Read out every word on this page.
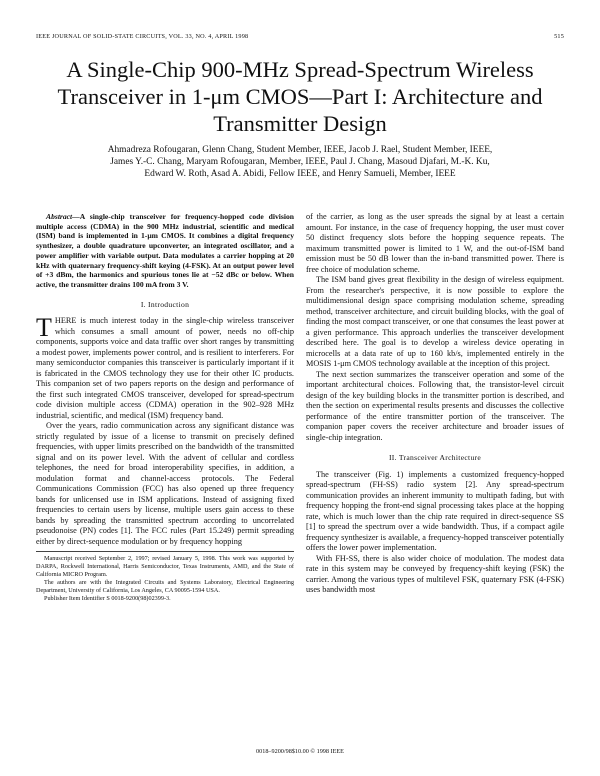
IEEE JOURNAL OF SOLID-STATE CIRCUITS, VOL. 33, NO. 4, APRIL 1998	515
A Single-Chip 900-MHz Spread-Spectrum Wireless Transceiver in 1-μm CMOS—Part I: Architecture and Transmitter Design
Ahmadreza Rofougaran, Glenn Chang, Student Member, IEEE, Jacob J. Rael, Student Member, IEEE,
James Y.-C. Chang, Maryam Rofougaran, Member, IEEE, Paul J. Chang, Masoud Djafari, M.-K. Ku,
Edward W. Roth, Asad A. Abidi, Fellow IEEE, and Henry Samueli, Member, IEEE

Abstract—A single-chip transceiver for frequency-hopped code division multiple access (CDMA) in the 900 MHz industrial, scientific and medical (ISM) band is implemented in 1-μm CMOS. It combines a digital frequency synthesizer, a double quadrature upconverter, an integrated oscillator, and a power amplifier with variable output. Data modulates a carrier hopping at 20 kHz with quaternary frequency-shift keying (4-FSK). At an output power level of +3 dBm, the harmonics and spurious tones lie at −52 dBc or below. When active, the transmitter drains 100 mA from 3 V.

I. Introduction

THERE is much interest today in the single-chip wireless transceiver which consumes a small amount of power, needs no off-chip components, supports voice and data traffic over short ranges by transmitting a modest power, implements power control, and is resilient to interferers. For many semiconductor companies this transceiver is particularly important if it is fabricated in the CMOS technology they use for their other IC products. This companion set of two papers reports on the design and performance of the first such integrated CMOS transceiver, developed for spread-spectrum code division multiple access (CDMA) operation in the 902–928 MHz industrial, scientific, and medical (ISM) frequency band.

Over the years, radio communication across any significant distance was strictly regulated by issue of a license to transmit on precisely defined frequencies, with upper limits prescribed on the bandwidth of the transmitted signal and on its power level. With the advent of cellular and cordless telephones, the need for broad interoperability specifies, in addition, a modulation format and channel-access protocols. The Federal Communications Commission (FCC) has also opened up three frequency bands for unlicensed use in ISM applications. Instead of assigning fixed frequencies to certain users by license, multiple users gain access to these bands by spreading the transmitted spectrum according to uncorrelated pseudonoise (PN) codes [1]. The FCC rules (Part 15.249) permit spreading either by direct-sequence modulation or by frequency hopping

Manuscript received September 2, 1997; revised January 5, 1998. This work was supported by DARPA, Rockwell International, Harris Semiconductor, Texas Instruments, AMD, and the State of California MICRO Program.

The authors are with the Integrated Circuits and Systems Laboratory, Electrical Engineering Department, University of California, Los Angeles, CA 90095-1594 USA.

Publisher Item Identifier S 0018-9200(98)02399-3.

of the carrier, as long as the user spreads the signal by at least a certain amount. For instance, in the case of frequency hopping, the user must cover 50 distinct frequency slots before the hopping sequence repeats. The maximum transmitted power is limited to 1 W, and the out-of-ISM band emission must be 50 dB lower than the in-band transmitted power. There is free choice of modulation scheme.

The ISM band gives great flexibility in the design of wireless equipment. From the researcher's perspective, it is now possible to explore the multidimensional design space comprising modulation scheme, spreading method, transceiver architecture, and circuit building blocks, with the goal of finding the most compact transceiver, or one that consumes the least power at a given performance. This approach underlies the transceiver development described here. The goal is to develop a wireless device operating in microcells at a data rate of up to 160 kb/s, implemented entirely in the MOSIS 1-μm CMOS technology available at the inception of this project.

The next section summarizes the transceiver operation and some of the important architectural choices. Following that, the transistor-level circuit design of the key building blocks in the transmitter portion is described, and then the section on experimental results presents and discusses the collective performance of the entire transmitter portion of the transceiver. The companion paper covers the receiver architecture and broader issues of single-chip integration.

II. Transceiver Architecture

The transceiver (Fig. 1) implements a customized frequency-hopped spread-spectrum (FH-SS) radio system [2]. Any spread-spectrum communication provides an inherent immunity to multipath fading, but with frequency hopping the front-end signal processing takes place at the hopping rate, which is much lower than the chip rate required in direct-sequence SS [1] to spread the spectrum over a wide bandwidth. Thus, if a compact agile frequency synthesizer is available, a frequency-hopped transceiver potentially offers the lower power implementation.

With FH-SS, there is also wider choice of modulation. The modest data rate in this system may be conveyed by frequency-shift keying (FSK) the carrier. Among the various types of multilevel FSK, quaternary FSK (4-FSK) uses bandwidth most

0018–9200/98$10.00 © 1998 IEEE
